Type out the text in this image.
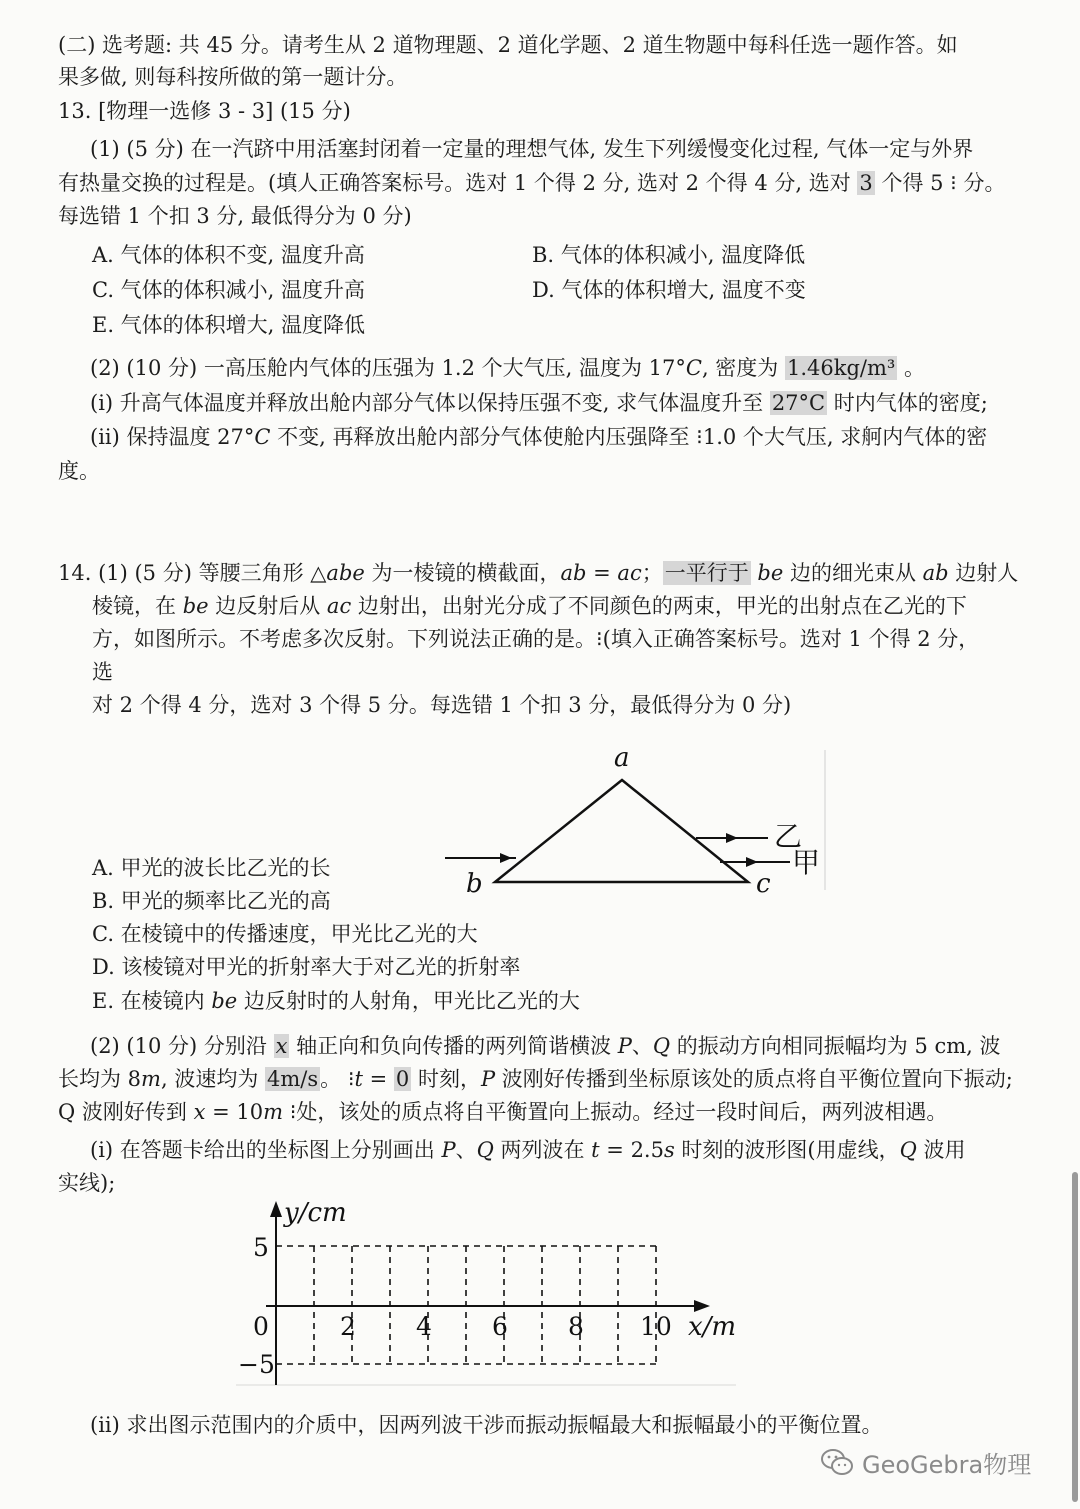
(二) 选考题: 共 45 分。请考生从 2 道物理题、2 道化学题、2 道生物题中每科任选一题作答。如
果多做, 则每科按所做的第一题计分。
13. [物理一选修 3 - 3] (15 分)
(1) (5 分) 在一汽跻中用活塞封闭着一定量的理想气体, 发生下列缓慢变化过程, 气体一定与外界
有热量交换的过程是。(填人正确答案标号。选对 1 个得 2 分, 选对 2 个得 4 分, 选对 3 个得 5 ⁝ 分。
每选错 1 个扣 3 分, 最低得分为 0 分)
A. 气体的体积不变, 温度升高	B. 气体的体积减小, 温度降低
C. 气体的体积减小, 温度升高	D. 气体的体积增大, 温度不变
E. 气体的体积增大, 温度降低
(2) (10 分) 一高压舱内气体的压强为 1.2 个大气压, 温度为 17°C, 密度为 1.46kg/m³ 。
(i) 升高气体温度并释放出舱内部分气体以保持压强不变, 求气体温度升至 27°C 时内气体的密度;
(ii) 保持温度 27°C 不变, 再释放出舱内部分气体使舱内压强降至 ⁝1.0 个大气压, 求舸内气体的密
度。
14. (1) (5 分) 等腰三角形 △abe 为一棱镜的横截面，ab = ac；一平行于 be 边的细光束从 ab 边射人
棱镜，在 be 边反射后从 ac 边射出，出射光分成了不同颜色的两束，甲光的出射点在乙光的下
方，如图所示。不考虑多次反射。下列说法正确的是。⁝(填入正确答案标号。选对 1 个得 2 分，
选
对 2 个得 4 分，选对 3 个得 5 分。每选错 1 个扣 3 分，最低得分为 0 分)
a
b	c
乙
甲
A. 甲光的波长比乙光的长
B. 甲光的频率比乙光的高
C. 在棱镜中的传播速度，甲光比乙光的大
D. 该棱镜对甲光的折射率大于对乙光的折射率
E. 在棱镜内 be 边反射时的人射角，甲光比乙光的大
(2) (10 分) 分别沿 x 轴正向和负向传播的两列简谐横波 P、Q 的振动方向相同振幅均为 5 cm, 波
长均为 8m, 波速均为 4m/s。 ⁝t = 0 时刻，P 波刚好传播到坐标原该处的质点将自平衡位置向下振动;
Q 波刚好传到 x = 10m ⁝处，该处的质点将自平衡置向上振动。经过一段时间后，两列波相遇。
(i) 在答题卡给出的坐标图上分别画出 P、Q 两列波在 t = 2.5s 时刻的波形图(用虚线，Q 波用
实线);
y/cm
x/m
5
0
−5
2 4 6 8 10
(ii) 求出图示范围内的介质中，因两列波干涉而振动振幅最大和振幅最小的平衡位置。
GeoGebra物理
